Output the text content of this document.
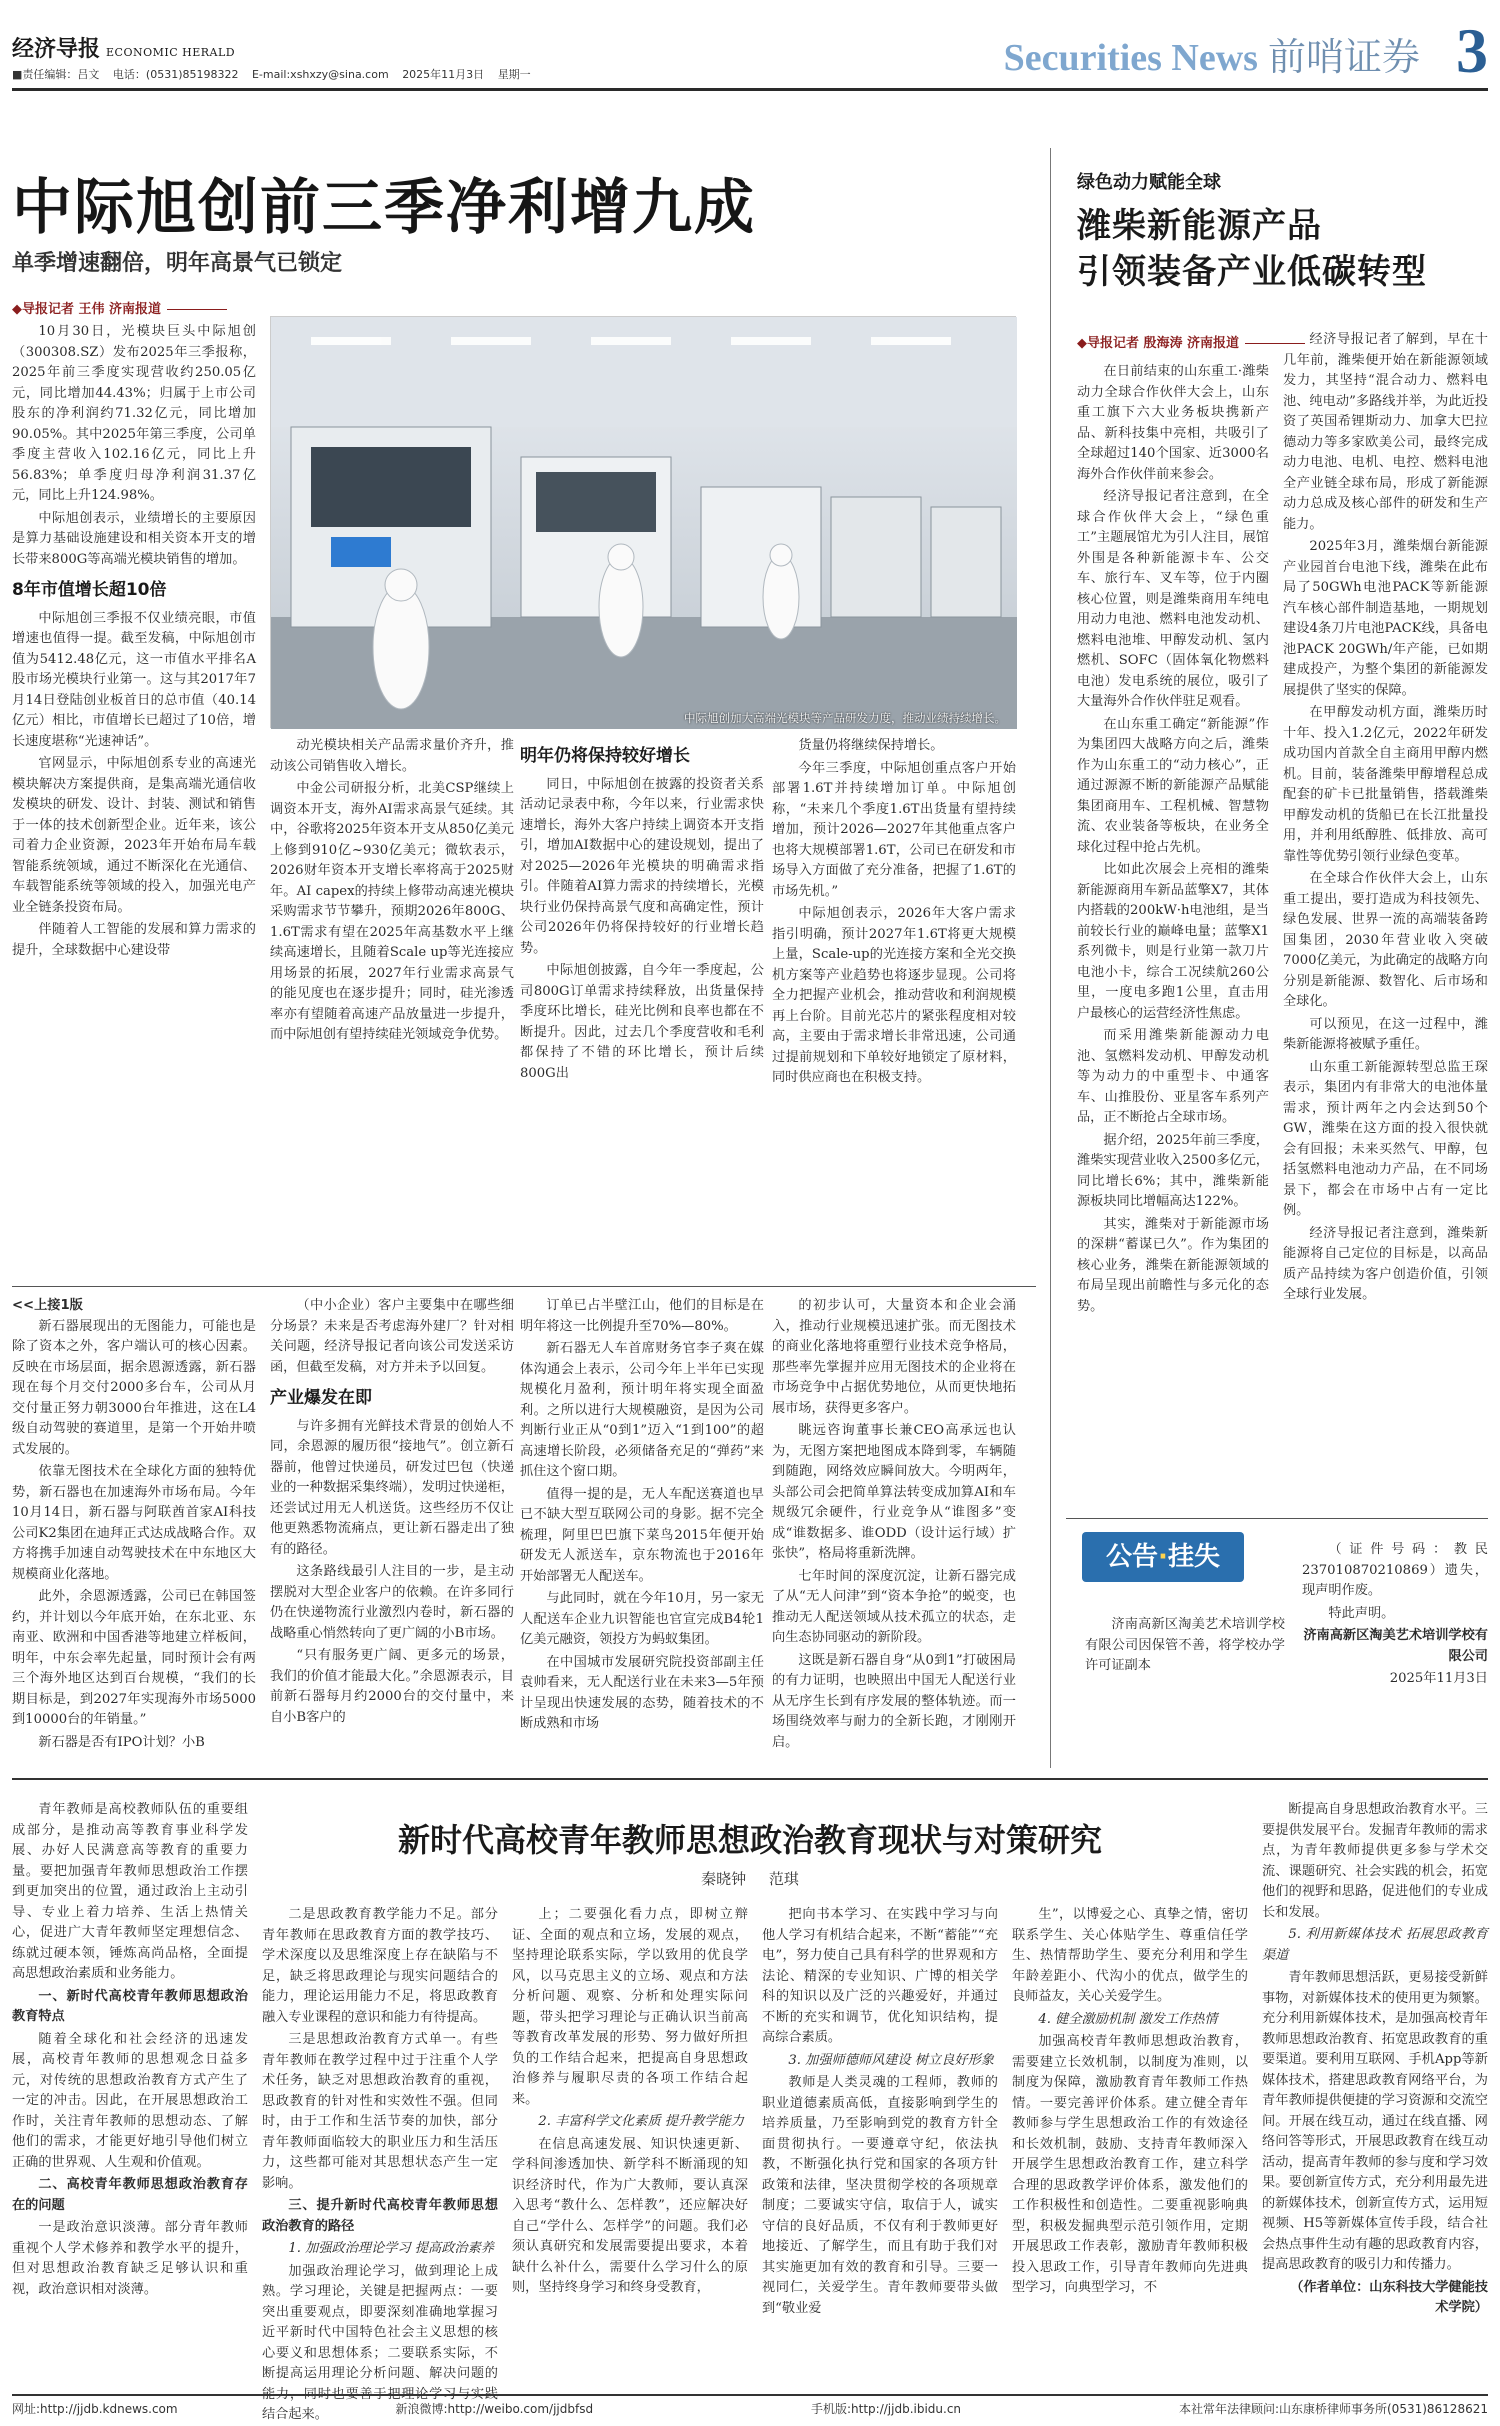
经济导报 ECONOMIC HERALD
■责任编辑：吕文 电话：(0531)85198322 E-mail:xshxzy@sina.com 2025年11月3日 星期一	Securities News 前哨证券 3
中际旭创前三季净利增九成
单季增速翻倍，明年高景气已锁定
◆导报记者 王伟 济南报道

10月30日，光模块巨头中际旭创（300308.SZ）发布2025年三季报称，2025年前三季度实现营收约250.05亿元，同比增加44.43%；归属于上市公司股东的净利润约71.32亿元，同比增加90.05%。其中2025年第三季度，公司单季度主营收入102.16亿元，同比上升56.83%；单季度归母净利润31.37亿元，同比上升124.98%。

中际旭创表示，业绩增长的主要原因是算力基础设施建设和相关资本开支的增长带来800G等高端光模块销售的增加。

8年市值增长超10倍

中际旭创三季报不仅业绩亮眼，市值增速也值得一提。截至发稿，中际旭创市值为5412.48亿元，这一市值水平排名A股市场光模块行业第一。这与其2017年7月14日登陆创业板首日的总市值（40.14亿元）相比，市值增长已超过了10倍，增长速度堪称“光速神话”。

官网显示，中际旭创系专业的高速光模块解决方案提供商，是集高端光通信收发模块的研发、设计、封装、测试和销售于一体的技术创新型企业。近年来，该公司着力企业资源，2023年开始布局车载智能系统领域，通过不断深化在光通信、车载智能系统等领域的投入，加强光电产业全链条投资布局。

伴随着人工智能的发展和算力需求的提升，全球数据中心建设带

中际旭创加大高端光模块等产品研发力度，推动业绩持续增长。

动光模块相关产品需求量价齐升，推动该公司销售收入增长。

中金公司研报分析，北美CSP继续上调资本开支，海外AI需求高景气延续。其中，谷歌将2025年资本开支从850亿美元上修到910亿~930亿美元；微软表示，2026财年资本开支增长率将高于2025财年。AI capex的持续上修带动高速光模块采购需求节节攀升，预期2026年800G、1.6T需求有望在2025年高基数水平上继续高速增长，且随着Scale up等光连接应用场景的拓展，2027年行业需求高景气的能见度也在逐步提升；同时，硅光渗透率亦有望随着高速产品放量进一步提升，而中际旭创有望持续硅光领域竞争优势。

明年仍将保持较好增长

同日，中际旭创在披露的投资者关系活动记录表中称，今年以来，行业需求快速增长，海外大客户持续上调资本开支指引，增加AI数据中心的建设规划，提出了对2025—2026年光模块的明确需求指引。伴随着AI算力需求的持续增长，光模块行业仍保持高景气度和高确定性，预计公司2026年仍将保持较好的行业增长趋势。

中际旭创披露，自今年一季度起，公司800G订单需求持续释放，出货量保持季度环比增长，硅光比例和良率也都在不断提升。因此，过去几个季度营收和毛利都保持了不错的环比增长，预计后续800G出

货量仍将继续保持增长。

今年三季度，中际旭创重点客户开始部署1.6T并持续增加订单。中际旭创称，“未来几个季度1.6T出货量有望持续增加，预计2026—2027年其他重点客户也将大规模部署1.6T，公司已在研发和市场导入方面做了充分准备，把握了1.6T的市场先机。”

中际旭创表示，2026年大客户需求指引明确，预计2027年1.6T将更大规模上量，Scale-up的光连接方案和全光交换机方案等产业趋势也将逐步显现。公司将全力把握产业机会，推动营收和利润规模再上台阶。目前光芯片的紧张程度相对较高，主要由于需求增长非常迅速，公司通过提前规划和下单较好地锁定了原材料，同时供应商也在积极支持。

绿色动力赋能全球
潍柴新能源产品
引领装备产业低碳转型
◆导报记者 殷海涛 济南报道

在日前结束的山东重工·潍柴动力全球合作伙伴大会上，山东重工旗下六大业务板块携新产品、新科技集中亮相，共吸引了全球超过140个国家、近3000名海外合作伙伴前来参会。

经济导报记者注意到，在全球合作伙伴大会上，“绿色重工”主题展馆尤为引人注目，展馆外围是各种新能源卡车、公交车、旅行车、叉车等，位于内圈核心位置，则是潍柴商用车纯电用动力电池、燃料电池发动机、燃料电池堆、甲醇发动机、氢内燃机、SOFC（固体氧化物燃料电池）发电系统的展位，吸引了大量海外合作伙伴驻足观看。

在山东重工确定“新能源”作为集团四大战略方向之后，潍柴作为山东重工的“动力核心”，正通过源源不断的新能源产品赋能集团商用车、工程机械、智慧物流、农业装备等板块，在业务全球化过程中抢占先机。

比如此次展会上亮相的潍柴新能源商用车新品蓝擎X7，其体内搭载的200kW·h电池组，是当前较长行业的巅峰电量；蓝擎X1系列微卡，则是行业第一款刀片电池小卡，综合工况续航260公里，一度电多跑1公里，直击用户最核心的运营经济性焦虑。

而采用潍柴新能源动力电池、氢燃料发动机、甲醇发动机等为动力的中重型卡、中通客车、山推股份、亚星客车系列产品，正不断抢占全球市场。

据介绍，2025年前三季度，潍柴实现营业收入2500多亿元，同比增长6%；其中，潍柴新能源板块同比增幅高达122%。

其实，潍柴对于新能源市场的深耕“蓄谋已久”。作为集团的核心业务，潍柴在新能源领域的布局呈现出前瞻性与多元化的态势。

经济导报记者了解到，早在十几年前，潍柴便开始在新能源领域发力，其坚持“混合动力、燃料电池、纯电动”多路线并举，为此近投资了英国希锂斯动力、加拿大巴拉德动力等多家欧美公司，最终完成动力电池、电机、电控、燃料电池全产业链全球布局，形成了新能源动力总成及核心部件的研发和生产能力。

2025年3月，潍柴烟台新能源产业园首台电池下线，潍柴在此布局了50GWh电池PACK等新能源汽车核心部件制造基地，一期规划建设4条刀片电池PACK线，具备电池PACK 20GWh/年产能，已如期建成投产，为整个集团的新能源发展提供了坚实的保障。

在甲醇发动机方面，潍柴历时十年、投入1.2亿元，2022年研发成功国内首款全自主商用甲醇内燃机。目前，装备潍柴甲醇增程总成配套的矿卡已批量销售，搭载潍柴甲醇发动机的货船已在长江批量投用，并利用纸醇胜、低排放、高可靠性等优势引领行业绿色变革。

在全球合作伙伴大会上，山东重工提出，要打造成为科技领先、绿色发展、世界一流的高端装备跨国集团，2030年营业收入突破7000亿美元，为此确定的战略方向分别是新能源、数智化、后市场和全球化。

可以预见，在这一过程中，潍柴新能源将被赋予重任。

山东重工新能源转型总监王琛表示，集团内有非常大的电池体量需求，预计两年之内会达到50个GW，潍柴在这方面的投入很快就会有回报；未来买然气、甲醇，包括氢燃料电池动力产品，在不同场景下，都会在市场中占有一定比例。

经济导报记者注意到，潍柴新能源将自己定位的目标是，以高品质产品持续为客户创造价值，引领全球行业发展。

公告·挂失

济南高新区淘美艺术培训学校有限公司因保管不善，将学校办学许可证副本

（证件号码：教民237010870210869）遗失，现声明作废。

特此声明。

济南高新区淘美艺术培训学校有限公司

2025年11月3日

<<上接1版

新石器展现出的无图能力，可能也是除了资本之外，客户端认可的核心因素。反映在市场层面，据余恩源透露，新石器现在每个月交付2000多台车，公司从月交付量正努力朝3000台年推进，这在L4级自动驾驶的赛道里，是第一个开始井喷式发展的。

依靠无图技术在全球化方面的独特优势，新石器也在加速海外市场布局。今年10月14日，新石器与阿联酋首家AI科技公司K2集团在迪拜正式达成战略合作。双方将携手加速自动驾驶技术在中东地区大规模商业化落地。

此外，余恩源透露，公司已在韩国签约，并计划以今年底开始，在东北亚、东南亚、欧洲和中国香港等地建立样板间，明年，中东会率先起量，同时预计会有两三个海外地区达到百台规模，“我们的长期目标是，到2027年实现海外市场5000到10000台的年销量。”

新石器是否有IPO计划？小B

（中小企业）客户主要集中在哪些细分场景？未来是否考虑海外建厂？针对相关问题，经济导报记者向该公司发送采访函，但截至发稿，对方并未予以回复。

产业爆发在即

与许多拥有光鲜技术背景的创始人不同，余恩源的履历很“接地气”。创立新石器前，他曾过快递员，研发过巴包（快递业的一种数据采集终端），发明过快递柜，还尝试过用无人机送货。这些经历不仅让他更熟悉物流痛点，更让新石器走出了独有的路径。

这条路线最引人注目的一步，是主动摆脱对大型企业客户的依赖。在许多同行仍在快递物流行业激烈内卷时，新石器的战略重心悄然转向了更广阔的小B市场。

“只有服务更广阔、更多元的场景，我们的价值才能最大化。”余恩源表示，目前新石器每月约2000台的交付量中，来自小B客户的

订单已占半壁江山，他们的目标是在明年将这一比例提升至70%—80%。

新石器无人车首席财务官李子爽在媒体沟通会上表示，公司今年上半年已实现规模化月盈利，预计明年将实现全面盈利。之所以进行大规模融资，是因为公司判断行业正从“0到1”迈入“1到100”的超高速增长阶段，必须储备充足的“弹药”来抓住这个窗口期。

值得一提的是，无人车配送赛道也早已不缺大型互联网公司的身影。据不完全梳理，阿里巴巴旗下菜鸟2015年便开始研发无人派送车，京东物流也于2016年开始部署无人配送车。

与此同时，就在今年10月，另一家无人配送车企业九识智能也官宣完成B4轮1亿美元融资，领投方为蚂蚁集团。

在中国城市发展研究院投资部副主任袁帅看来，无人配送行业在未来3—5年预计呈现出快速发展的态势，随着技术的不断成熟和市场

的初步认可，大量资本和企业会涌入，推动行业规模迅速扩张。而无图技术的商业化落地将重塑行业技术竞争格局，那些率先掌握并应用无图技术的企业将在市场竞争中占据优势地位，从而更快地拓展市场，获得更多客户。

眺远咨询董事长兼CEO高承远也认为，无图方案把地图成本降到零，车辆随到随跑，网络效应瞬间放大。今明两年，头部公司会把简单算法转变成加算AI和车规级冗余硬件，行业竞争从“谁图多”变成“谁数据多、谁ODD（设计运行域）扩张快”，格局将重新洗牌。

七年时间的深度沉淀，让新石器完成了从“无人问津”到“资本争抢”的蜕变，也推动无人配送领域从技术孤立的状态，走向生态协同驱动的新阶段。

这既是新石器自身“从0到1”打破困局的有力证明，也映照出中国无人配送行业从无序生长到有序发展的整体轨迹。而一场围绕效率与耐力的全新长跑，才刚刚开启。

新时代高校青年教师思想政治教育现状与对策研究
秦晓钟 范琪

青年教师是高校教师队伍的重要组成部分，是推动高等教育事业科学发展、办好人民满意高等教育的重要力量。要把加强青年教师思想政治工作摆到更加突出的位置，通过政治上主动引导、专业上着力培养、生活上热情关心，促进广大青年教师坚定理想信念、练就过硬本领，锤炼高尚品格，全面提高思想政治素质和业务能力。

一、新时代高校青年教师思想政治教育特点

随着全球化和社会经济的迅速发展，高校青年教师的思想观念日益多元，对传统的思想政治教育方式产生了一定的冲击。因此，在开展思想政治工作时，关注青年教师的思想动态、了解他们的需求，才能更好地引导他们树立正确的世界观、人生观和价值观。

二、高校青年教师思想政治教育存在的问题

一是政治意识淡薄。部分青年教师重视个人学术修养和教学水平的提升，但对思想政治教育缺乏足够认识和重视，政治意识相对淡薄。

二是思政教育教学能力不足。部分青年教师在思政教育方面的教学技巧、学术深度以及思维深度上存在缺陷与不足，缺乏将思政理论与现实问题结合的能力，理论运用能力不足，将思政教育融入专业课程的意识和能力有待提高。

三是思想政治教育方式单一。有些青年教师在教学过程中过于注重个人学术任务，缺乏对思想政治教育的重视，思政教育的针对性和实效性不强。但同时，由于工作和生活节奏的加快，部分青年教师面临较大的职业压力和生活压力，这些都可能对其思想状态产生一定影响。

三、提升新时代高校青年教师思想政治教育的路径

1. 加强政治理论学习 提高政治素养

加强政治理论学习，做到理论上成熟。学习理论，关键是把握两点：一要突出重要观点，即要深刻准确地掌握习近平新时代中国特色社会主义思想的核心要义和思想体系；二要联系实际，不断提高运用理论分析问题、解决问题的能力，同时也要善于把理论学习与实践结合起来。

上；二要强化看力点，即树立辩证、全面的观点和立场，发展的观点，坚持理论联系实际，学以致用的优良学风，以马克思主义的立场、观点和方法分析问题、观察、分析和处理实际问题，带头把学习理论与正确认识当前高等教育改革发展的形势、努力做好所担负的工作结合起来，把提高自身思想政治修养与履职尽责的各项工作结合起来。

2. 丰富科学文化素质 提升教学能力

在信息高速发展、知识快速更新、学科间渗透加快、新学科不断涌现的知识经济时代，作为广大教师，要认真深入思考“教什么、怎样教”，还应解决好自己“学什么、怎样学”的问题。我们必须认真研究和发展需要提出要求，本着缺什么补什么，需要什么学习什么的原则，坚持终身学习和终身受教育，

把向书本学习、在实践中学习与向他人学习有机结合起来，不断“蓄能”“充电”，努力使自己具有科学的世界观和方法论、精深的专业知识、广博的相关学科的知识以及广泛的兴趣爱好，并通过不断的充实和调节，优化知识结构，提高综合素质。

3. 加强师德师风建设 树立良好形象

教师是人类灵魂的工程师，教师的职业道德素质高低，直接影响到学生的培养质量，乃至影响到党的教育方针全面贯彻执行。一要遵章守纪，依法执教，不断强化执行党和国家的各项方针政策和法律，坚决贯彻学校的各项规章制度；二要诚实守信，取信于人，诚实守信的良好品质，不仅有利于教师更好地接近、了解学生，而且有助于我们对其实施更加有效的教育和引导。三要一视同仁，关爱学生。青年教师要带头做到“敬业爱

生”，以博爱之心、真挚之情，密切联系学生、关心体贴学生、尊重信任学生、热情帮助学生、要充分利用和学生年龄差距小、代沟小的优点，做学生的良师益友，关心关爱学生。

4. 健全激励机制 激发工作热情

加强高校青年教师思想政治教育，需要建立长效机制，以制度为准则，以制度为保障，激励教育青年教师工作热情。一要完善评价体系。建立健全青年教师参与学生思想政治工作的有效途径和长效机制，鼓励、支持青年教师深入开展学生思想政治教育工作，建立科学合理的思政教学评价体系，激发他们的工作积极性和创造性。二要重视影响典型，积极发掘典型示范引领作用，定期开展思政工作表彰，激励青年教师积极投入思政工作，引导青年教师向先进典型学习，向典型学习，不

断提高自身思想政治教育水平。三要提供发展平台。发掘青年教师的需求点，为青年教师提供更多参与学术交流、课题研究、社会实践的机会，拓宽他们的视野和思路，促进他们的专业成长和发展。

5. 利用新媒体技术 拓展思政教育渠道

青年教师思想活跃，更易接受新鲜事物，对新媒体技术的使用更为频繁。充分利用新媒体技术，是加强高校青年教师思想政治教育、拓宽思政教育的重要渠道。要利用互联网、手机App等新媒体技术，搭建思政教育网络平台，为青年教师提供便捷的学习资源和交流空间。开展在线互动，通过在线直播、网络问答等形式，开展思政教育在线互动活动，提高青年教师的参与度和学习效果。要创新宣传方式，充分利用最先进的新媒体技术，创新宣传方式，运用短视频、H5等新媒体宣传手段，结合社会热点事件生动有趣的思政教育内容，提高思政教育的吸引力和传播力。

（作者单位：山东科技大学健能技术学院）

网址:http://jjdb.kdnews.com	新浪微博:http://weibo.com/jjdbfsd	手机版:http://jjdb.ibidu.cn	本社常年法律顾问:山东康桥律师事务所(0531)86128621
